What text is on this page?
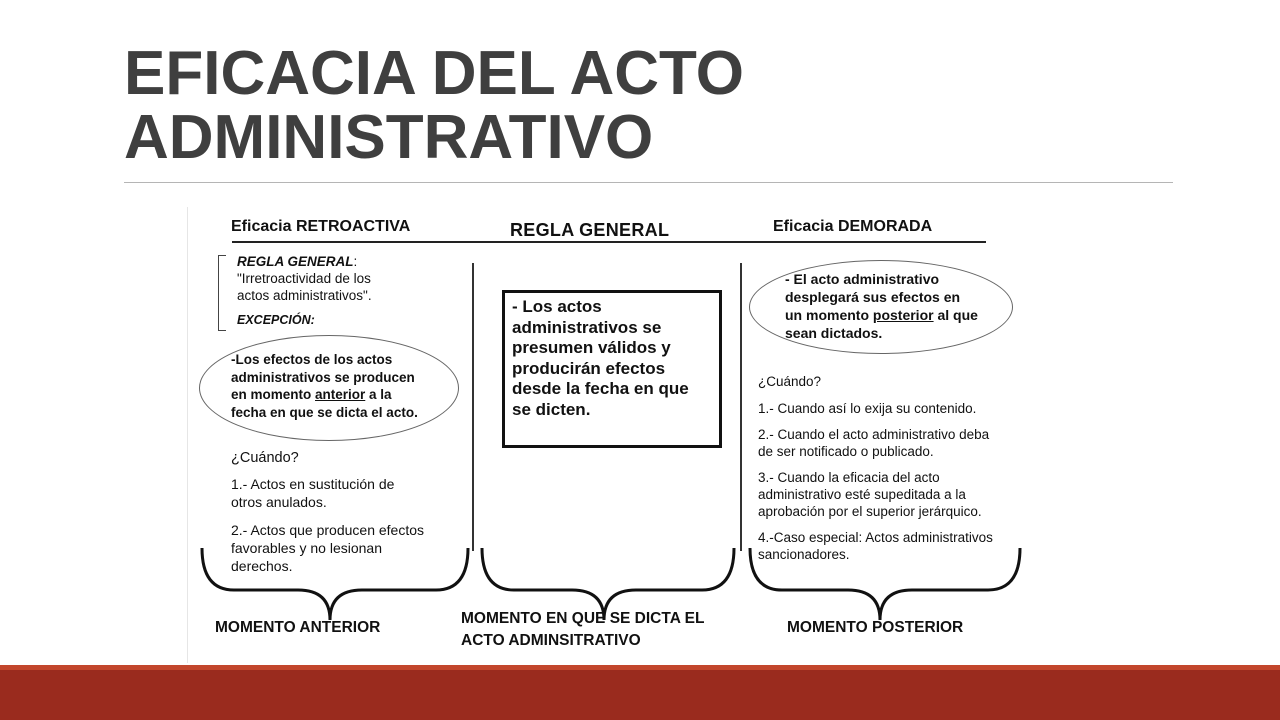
EFICACIA DEL ACTO
ADMINISTRATIVO
Eficacia RETROACTIVA	REGLA GENERAL	Eficacia DEMORADA
REGLA GENERAL:
"Irretroactividad de los
actos administrativos".
EXCEPCIÓN:
-Los efectos de los actos
administrativos se producen
en momento anterior a la
fecha en que se dicta el acto.
¿Cuándo?
1.- Actos en sustitución de
otros anulados.
2.- Actos que producen efectos
favorables y no lesionan
derechos.
- Los actos
administrativos se
presumen válidos y
producirán efectos
desde la fecha en que
se dicten.
- El acto administrativo
desplegará sus efectos en
un momento posterior al que
sean dictados.
¿Cuándo?
1.- Cuando así lo exija su contenido.
2.- Cuando el acto administrativo deba
de ser notificado o publicado.
3.- Cuando la eficacia del acto
administrativo esté supeditada a la
aprobación por el superior jerárquico.
4.-Caso especial: Actos administrativos
sancionadores.
MOMENTO ANTERIOR
MOMENTO EN QUE SE DICTA EL
ACTO ADMINSITRATIVO
MOMENTO POSTERIOR
